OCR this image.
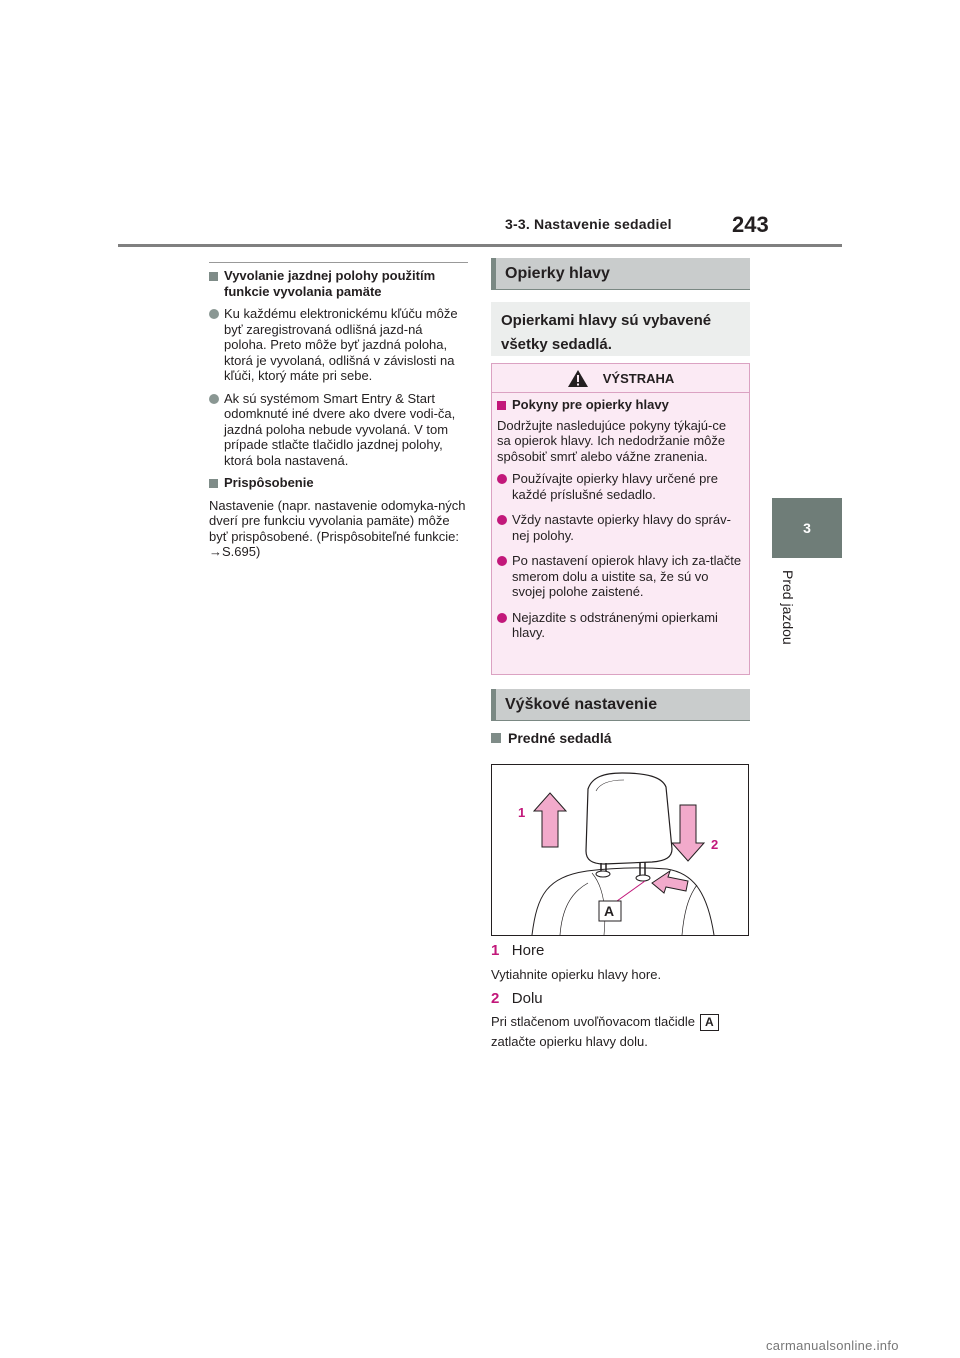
3-3. Nastavenie sedadiel	243
3
Pred jazdou
Vyvolanie jazdnej polohy použitím funkcie vyvolania pamäte
Ku každému elektronickému kľúču môže byť zaregistrovaná odlišná jazd-ná poloha. Preto môže byť jazdná poloha, ktorá je vyvolaná, odlišná v závislosti na kľúči, ktorý máte pri sebe.
Ak sú systémom Smart Entry & Start odomknuté iné dvere ako dvere vodi-ča, jazdná poloha nebude vyvolaná. V tom prípade stlačte tlačidlo jazdnej polohy, ktorá bola nastavená.
Prispôsobenie
Nastavenie (napr. nastavenie odomyka-ných dverí pre funkciu vyvolania pamäte) môže byť prispôsobené. (Prispôsobiteľné funkcie: →S.695)
Opierky hlavy
Opierkami hlavy sú vybavené všetky sedadlá.
VÝSTRAHA
Pokyny pre opierky hlavy
Dodržujte nasledujúce pokyny týkajú-ce sa opierok hlavy. Ich nedodržanie môže spôsobiť smrť alebo vážne zranenia.
Používajte opierky hlavy určené pre každé príslušné sedadlo.
Vždy nastavte opierky hlavy do správ-nej polohy.
Po nastavení opierok hlavy ich za-tlačte smerom dolu a uistite sa, že sú vo svojej polohe zaistené.
Nejazdite s odstránenými opierkami hlavy.
Výškové nastavenie
Predné sedadlá
1
2
A
1 Hore
Vytiahnite opierku hlavy hore.
2 Dolu
Pri stlačenom uvoľňovacom tlačidle A
zatlačte opierku hlavy dolu.
carmanualsonline.info
